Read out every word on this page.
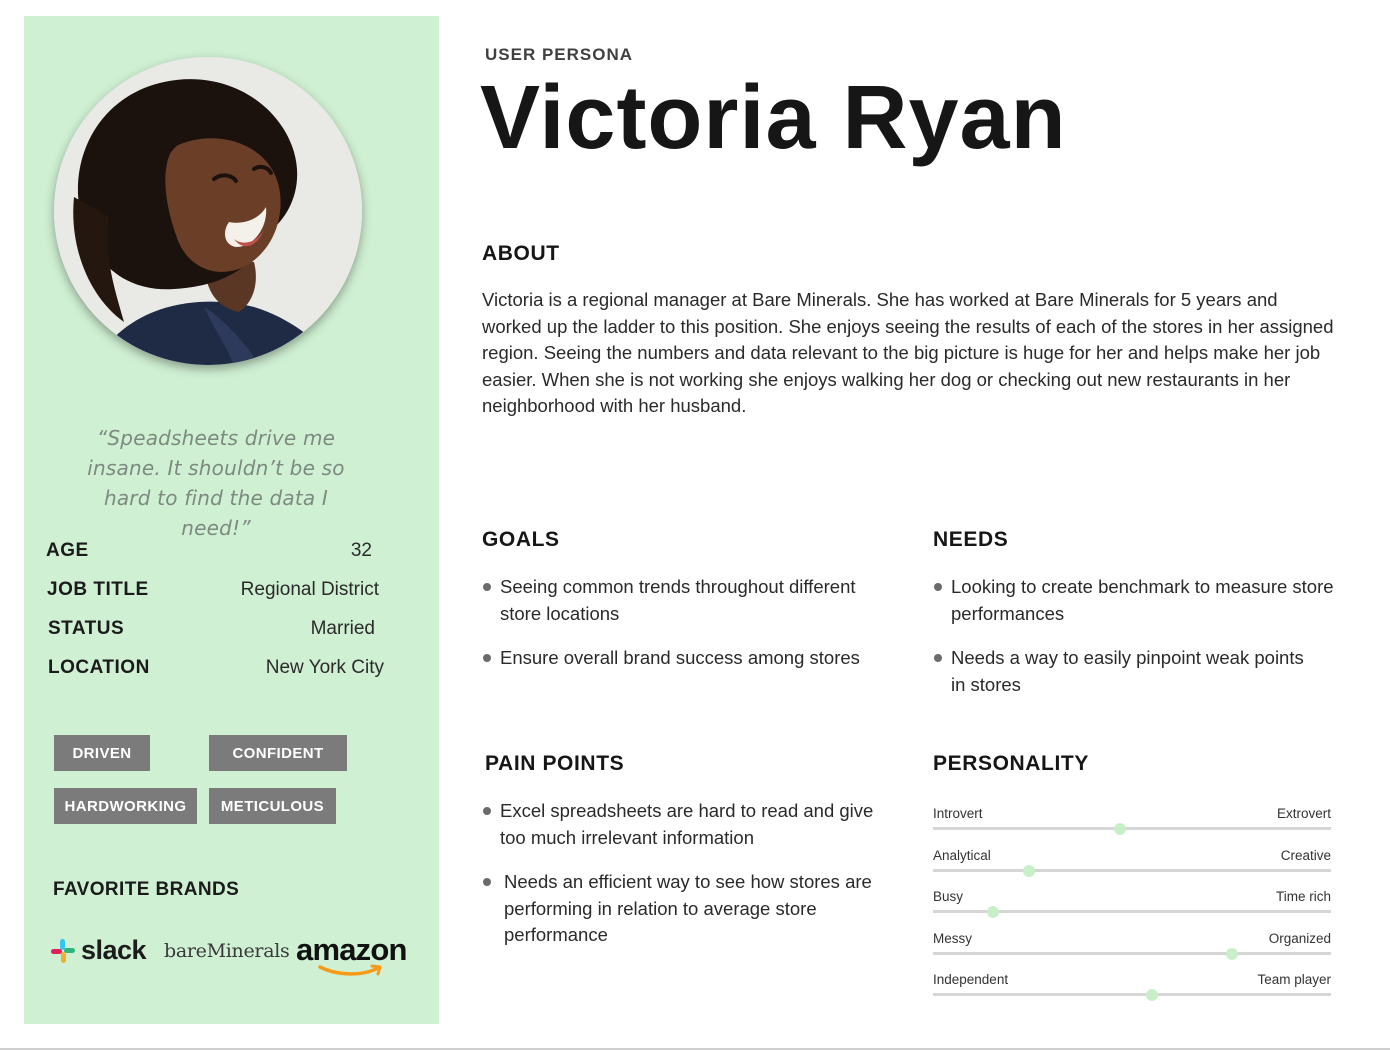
“Speadsheets drive me insane. It shouldn’t be so hard to find the data I need!”
AGE	32
JOB TITLE	Regional District
STATUS	Married
LOCATION	New York City
DRIVEN	CONFIDENT
HARDWORKING	METICULOUS
FAVORITE BRANDS
slack bareMinerals amazon
USER PERSONA
Victoria Ryan
ABOUT
Victoria is a regional manager at Bare Minerals. She has worked at Bare Minerals for 5 years and worked up the ladder to this position. She enjoys seeing the results of each of the stores in her assigned region. Seeing the numbers and data relevant to the big picture is huge for her and helps make her job easier. When she is not working she enjoys walking her dog or checking out new restaurants in her neighborhood with her husband.
GOALS
Seeing common trends throughout different store locations
Ensure overall brand success among stores
NEEDS
Looking to create benchmark to measure store performances
Needs a way to easily pinpoint weak points in stores
PAIN POINTS
Excel spreadsheets are hard to read and give too much irrelevant information
Needs an efficient way to see how stores are performing in relation to average store performance
PERSONALITY
Introvert	Extrovert
Analytical	Creative
Busy	Time rich
Messy	Organized
Independent	Team player
